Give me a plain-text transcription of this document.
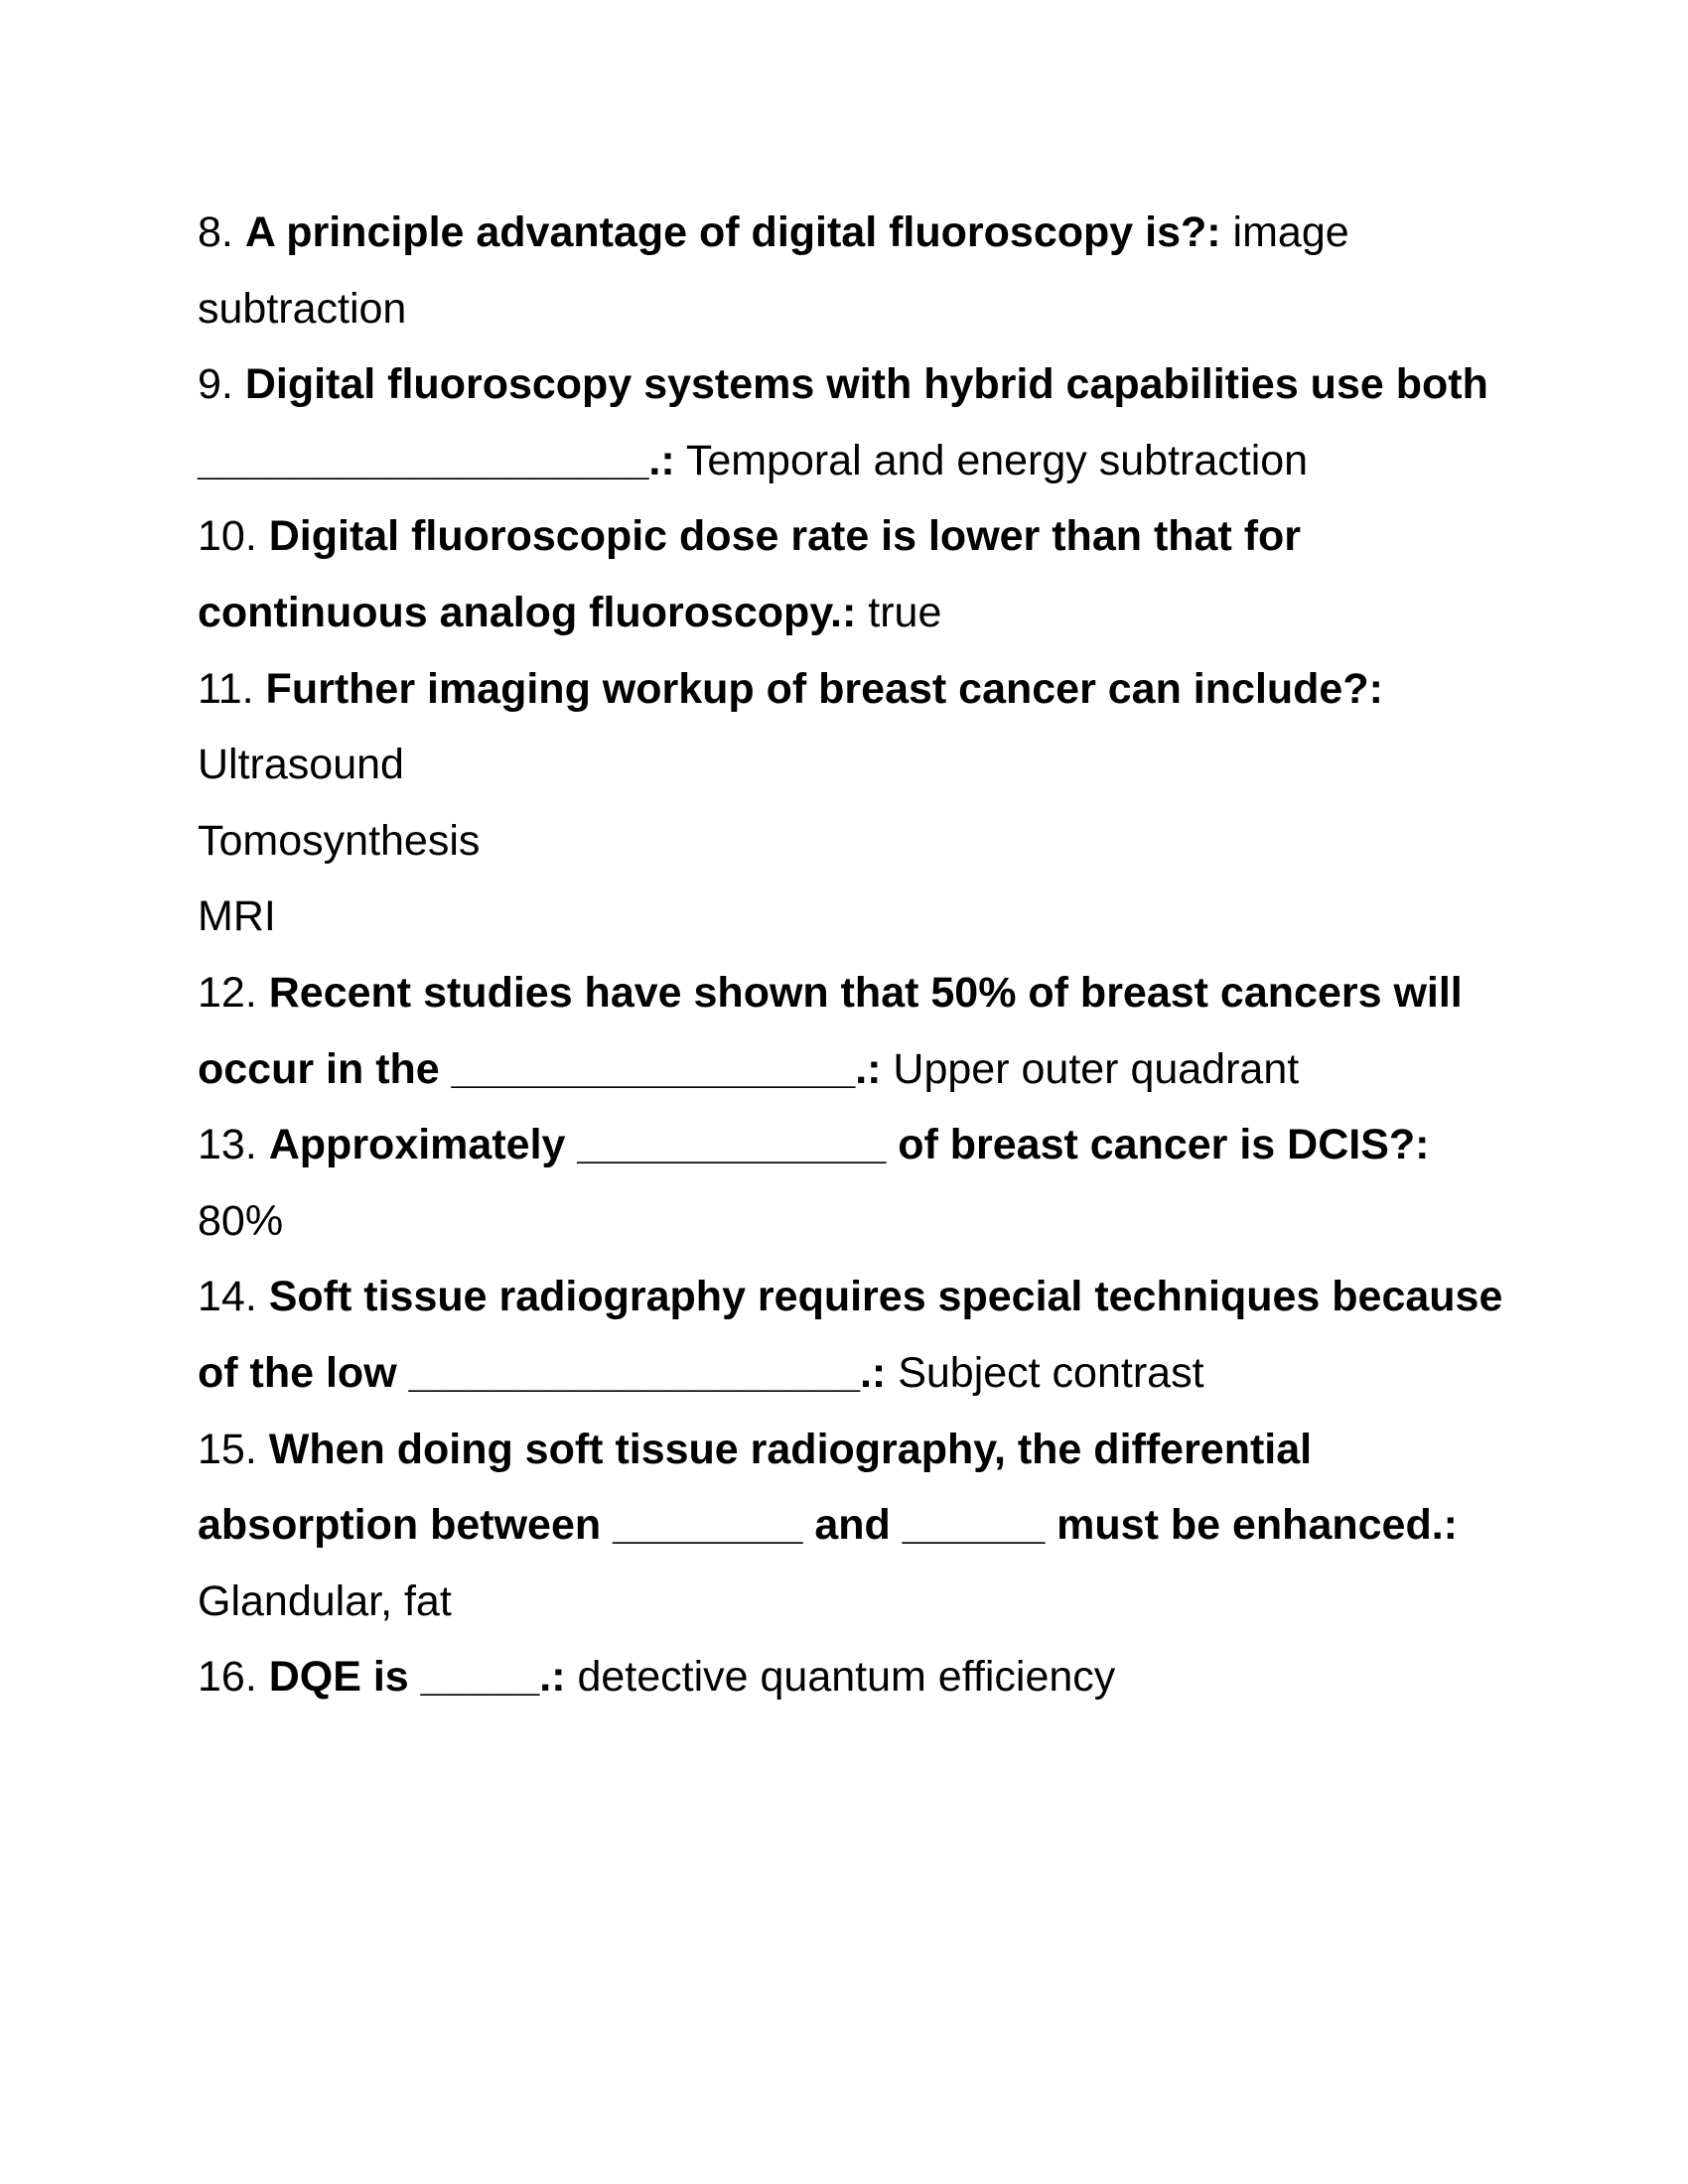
8. A principle advantage of digital fluoroscopy is?: image subtraction

9. Digital fluoroscopy systems with hybrid capabilities use both ___________________.: Temporal and energy subtraction

10. Digital fluoroscopic dose rate is lower than that for continuous analog fluoroscopy.: true

11. Further imaging workup of breast cancer can include?:
Ultrasound
Tomosynthesis
MRI

12. Recent studies have shown that 50% of breast cancers will occur in the _________________.: Upper outer quadrant

13. Approximately _____________ of breast cancer is DCIS?: 80%

14. Soft tissue radiography requires special techniques because of the low ___________________.: Subject contrast

15. When doing soft tissue radiography, the differential absorption between ________ and ______ must be enhanced.: Glandular, fat

16. DQE is _____.: detective quantum efficiency
